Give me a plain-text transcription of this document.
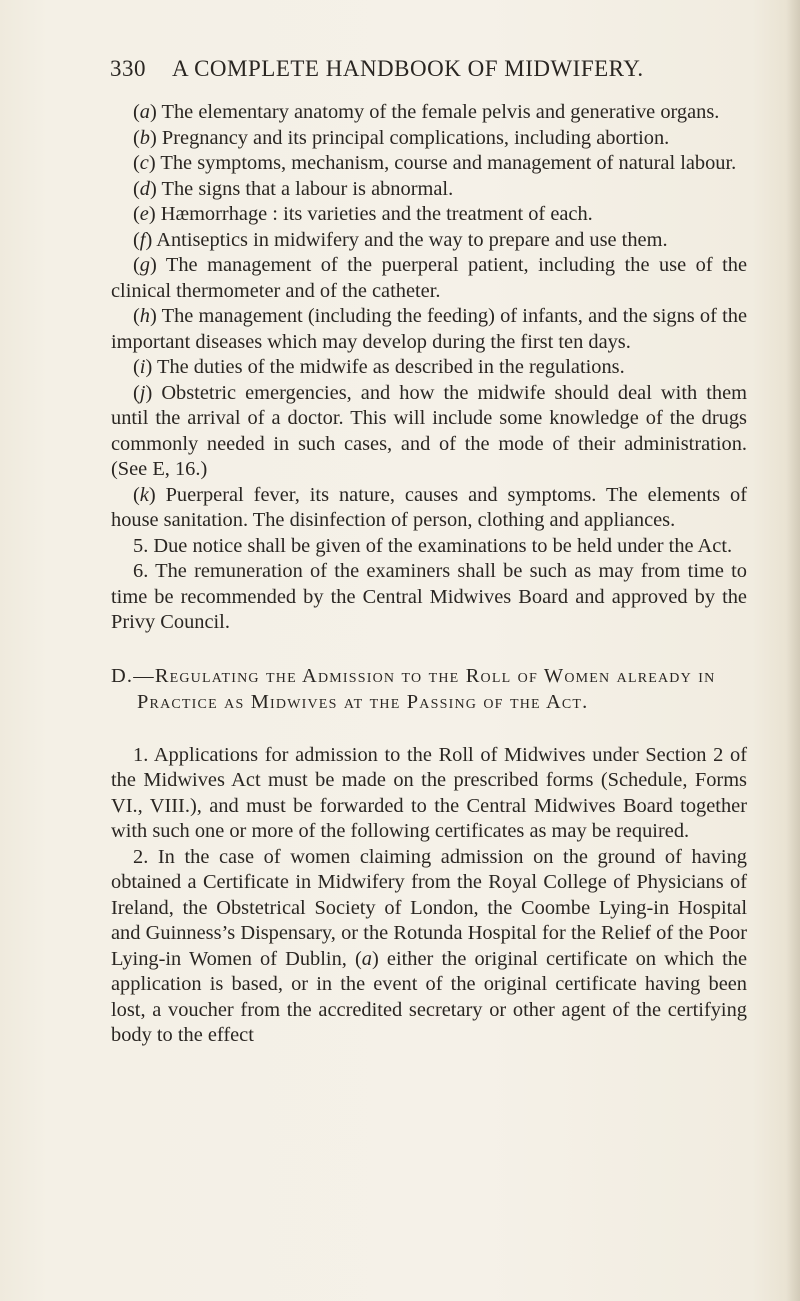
330 A COMPLETE HANDBOOK OF MIDWIFERY.

(a) The elementary anatomy of the female pelvis and generative organs.

(b) Pregnancy and its principal complications, including abortion.

(c) The symptoms, mechanism, course and management of natural labour.

(d) The signs that a labour is abnormal.

(e) Hæmorrhage : its varieties and the treatment of each.

(f) Antiseptics in midwifery and the way to prepare and use them.

(g) The management of the puerperal patient, including the use of the clinical thermometer and of the catheter.

(h) The management (including the feeding) of infants, and the signs of the important diseases which may develop during the first ten days.

(i) The duties of the midwife as described in the regulations.

(j) Obstetric emergencies, and how the midwife should deal with them until the arrival of a doctor. This will include some knowledge of the drugs commonly needed in such cases, and of the mode of their administration. (See E, 16.)

(k) Puerperal fever, its nature, causes and symptoms. The elements of house sanitation. The disinfection of person, clothing and appliances.

5. Due notice shall be given of the examinations to be held under the Act.

6. The remuneration of the examiners shall be such as may from time to time be recommended by the Central Midwives Board and approved by the Privy Council.

D.—Regulating the Admission to the Roll of Women already in Practice as Midwives at the Passing of the Act.

1. Applications for admission to the Roll of Midwives under Section 2 of the Midwives Act must be made on the prescribed forms (Schedule, Forms VI., VIII.), and must be forwarded to the Central Midwives Board together with such one or more of the following certificates as may be required.

2. In the case of women claiming admission on the ground of having obtained a Certificate in Midwifery from the Royal College of Physicians of Ireland, the Obstetrical Society of London, the Coombe Lying-in Hospital and Guinness’s Dispensary, or the Rotunda Hospital for the Relief of the Poor Lying-in Women of Dublin, (a) either the original certificate on which the application is based, or in the event of the original certificate having been lost, a voucher from the accredited secretary or other agent of the certifying body to the effect
